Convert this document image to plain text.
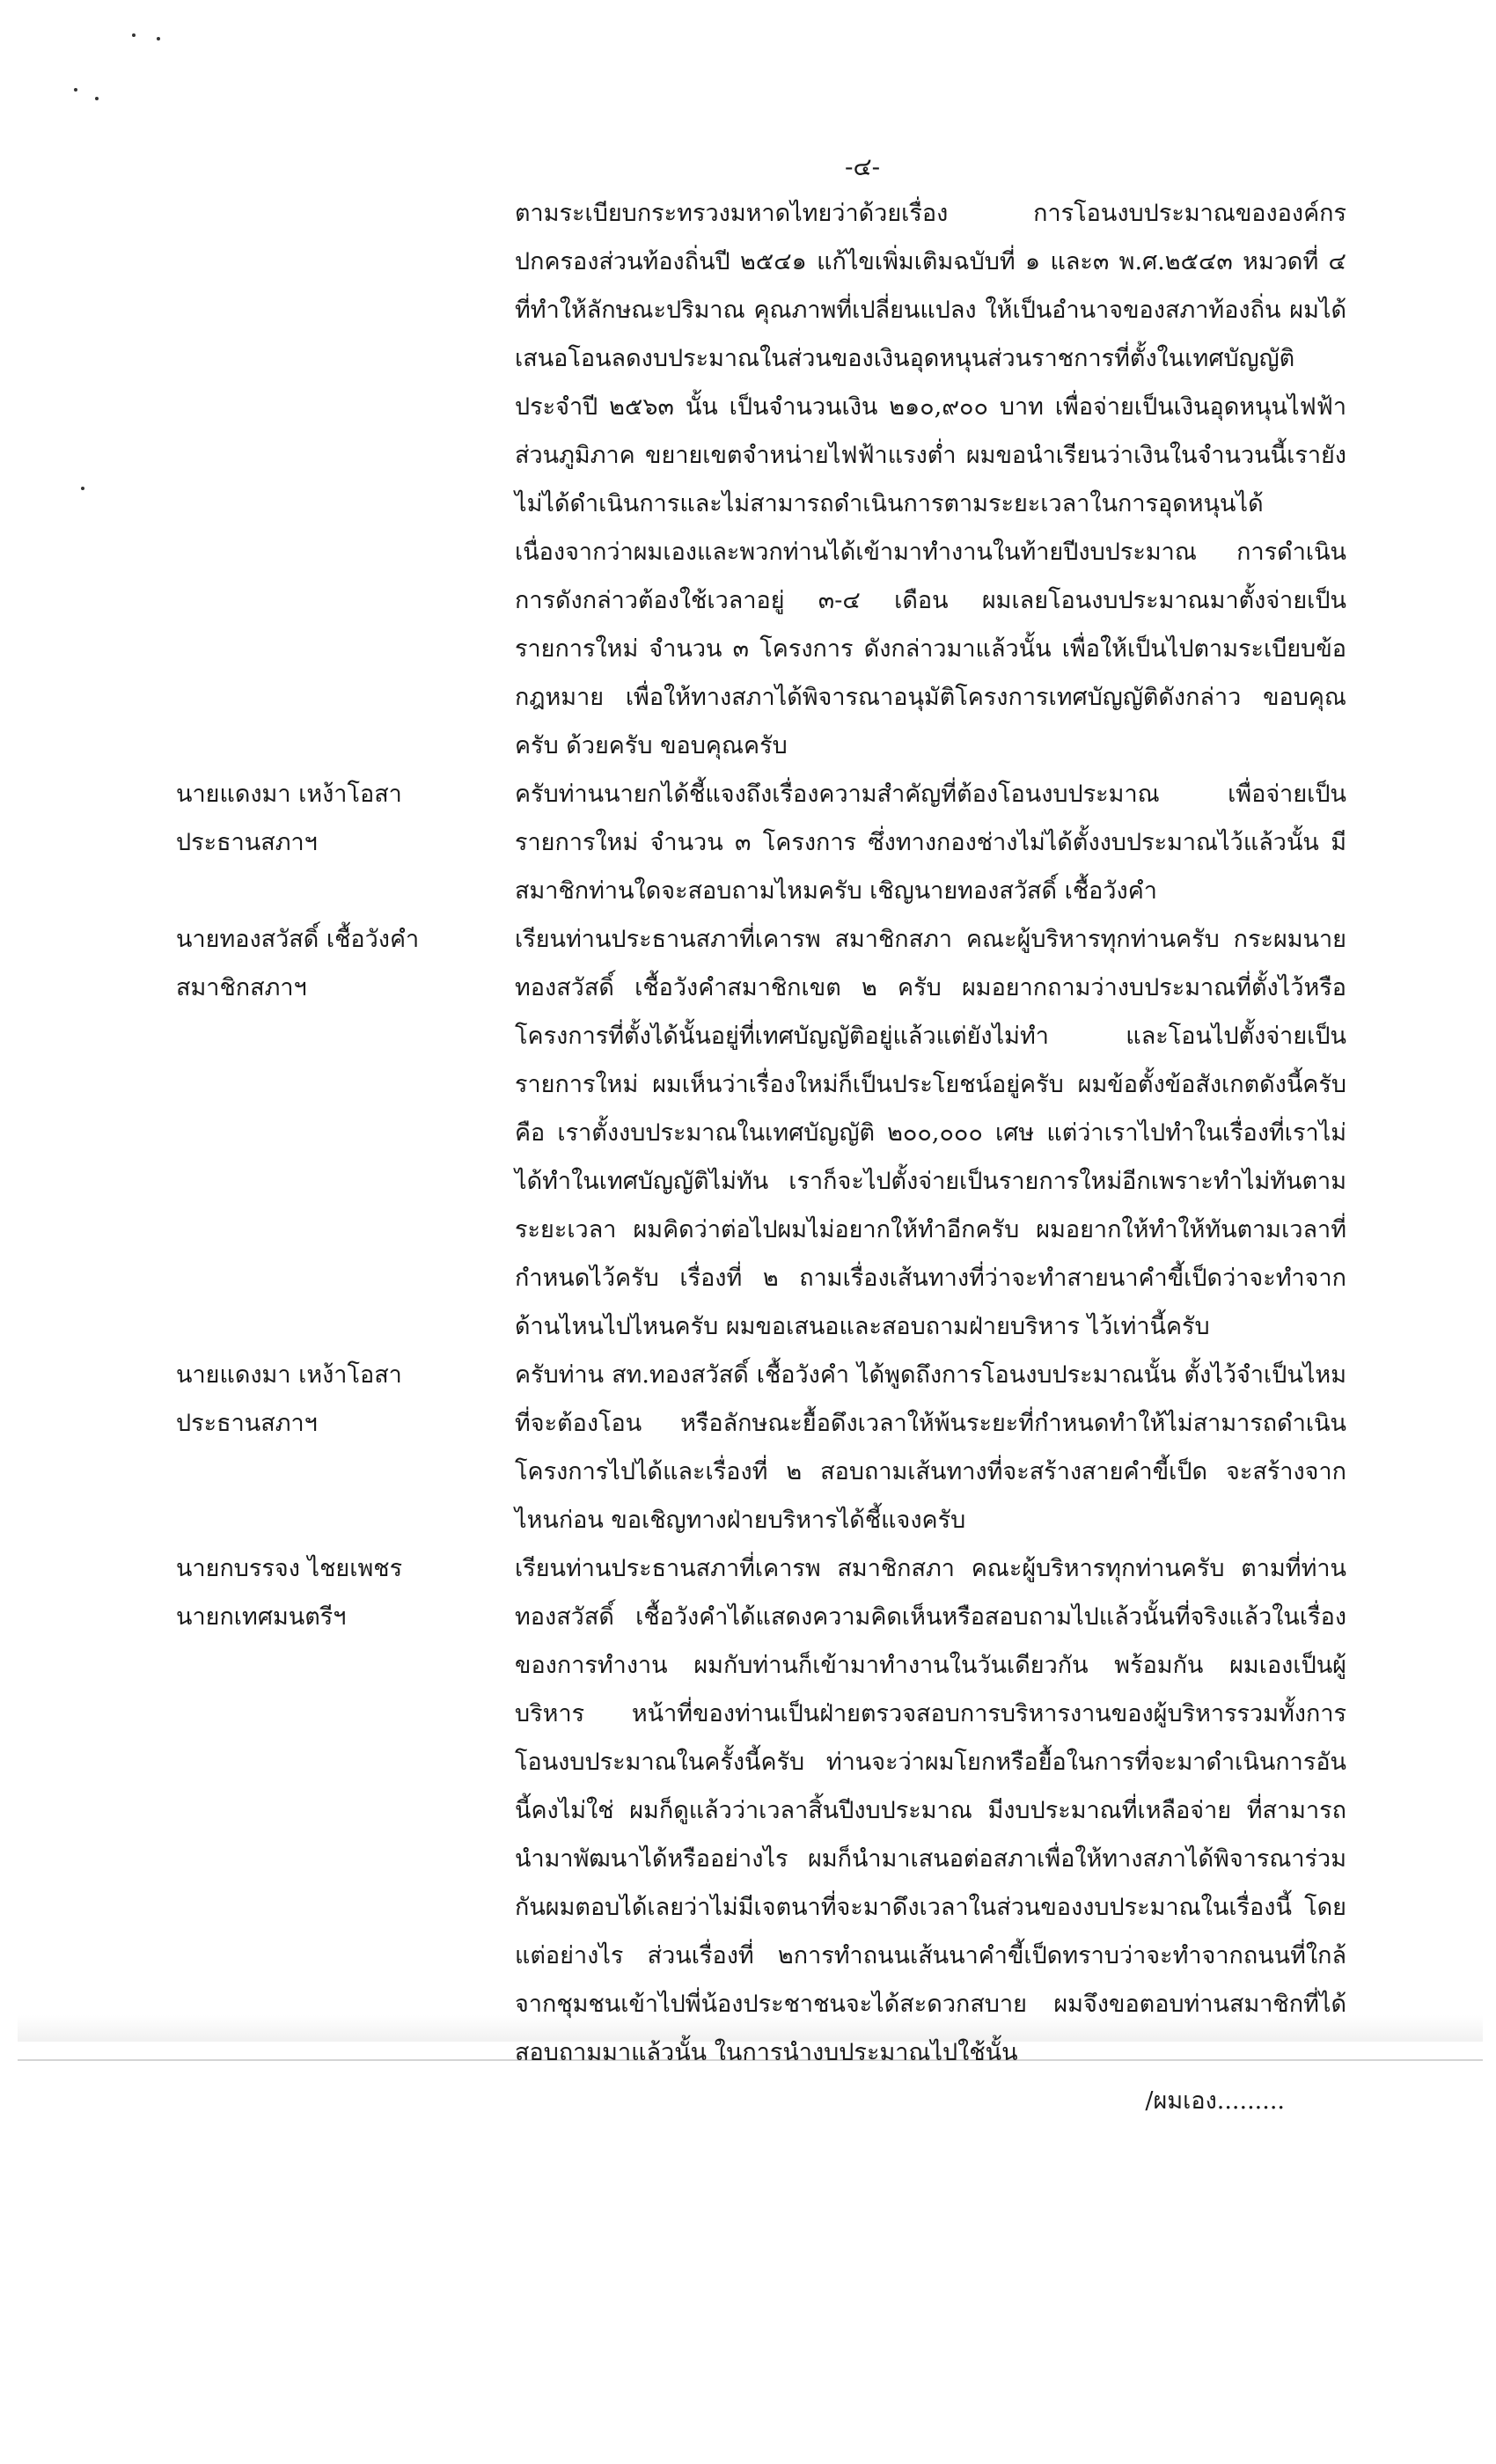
-๔-

ตามระเบียบกระทรวงมหาดไทยว่าด้วยเรื่อง การโอนงบประมาณขององค์กรปกครองส่วนท้องถิ่นปี ๒๕๔๑ แก้ไขเพิ่มเติมฉบับที่ ๑ และ๓ พ.ศ.๒๕๔๓ หมวดที่ ๔ ที่ทำให้ลักษณะปริมาณ คุณภาพที่เปลี่ยนแปลง ให้เป็นอำนาจของสภาท้องถิ่น ผมได้เสนอโอนลดงบประมาณในส่วนของเงินอุดหนุนส่วนราชการที่ตั้งในเทศบัญญัติประจำปี ๒๕๖๓ นั้น เป็นจำนวนเงิน ๒๑๐,๙๐๐ บาท เพื่อจ่ายเป็นเงินอุดหนุนไฟฟ้าส่วนภูมิภาค ขยายเขตจำหน่ายไฟฟ้าแรงต่ำ ผมขอนำเรียนว่าเงินในจำนวนนี้เรายังไม่ได้ดำเนินการและไม่สามารถดำเนินการตามระยะเวลาในการอุดหนุนได้ เนื่องจากว่าผมเองและพวกท่านได้เข้ามาทำงานในท้ายปีงบประมาณ การดำเนินการดังกล่าวต้องใช้เวลาอยู่ ๓-๔ เดือน ผมเลยโอนงบประมาณมาตั้งจ่ายเป็นรายการใหม่ จำนวน ๓ โครงการ ดังกล่าวมาแล้วนั้น เพื่อให้เป็นไปตามระเบียบข้อกฎหมาย เพื่อให้ทางสภาได้พิจารณาอนุมัติโครงการเทศบัญญัติดังกล่าว ขอบคุณครับ ด้วยครับ ขอบคุณครับ

นายแดงมา เหง้าโอสา
ประธานสภาฯ

ครับท่านนายกได้ชี้แจงถึงเรื่องความสำคัญที่ต้องโอนงบประมาณ เพื่อจ่ายเป็นรายการใหม่ จำนวน ๓ โครงการ ซึ่งทางกองช่างไม่ได้ตั้งงบประมาณไว้แล้วนั้น มีสมาชิกท่านใดจะสอบถามไหมครับ เชิญนายทองสวัสดิ์ เชื้อวังคำ

นายทองสวัสดิ์ เชื้อวังคำ
สมาชิกสภาฯ

เรียนท่านประธานสภาที่เคารพ สมาชิกสภา คณะผู้บริหารทุกท่านครับ กระผมนายทองสวัสดิ์ เชื้อวังคำสมาชิกเขต ๒ ครับ ผมอยากถามว่างบประมาณที่ตั้งไว้หรือโครงการที่ตั้งได้นั้นอยู่ที่เทศบัญญัติอยู่แล้วแต่ยังไม่ทำ และโอนไปตั้งจ่ายเป็นรายการใหม่ ผมเห็นว่าเรื่องใหม่ก็เป็นประโยชน์อยู่ครับ ผมข้อตั้งข้อสังเกตดังนี้ครับ คือ เราตั้งงบประมาณในเทศบัญญัติ ๒๐๐,๐๐๐ เศษ แต่ว่าเราไปทำในเรื่องที่เราไม่ได้ทำในเทศบัญญัติไม่ทัน เราก็จะไปตั้งจ่ายเป็นรายการใหม่อีกเพราะทำไม่ทันตามระยะเวลา ผมคิดว่าต่อไปผมไม่อยากให้ทำอีกครับ ผมอยากให้ทำให้ทันตามเวลาที่กำหนดไว้ครับ เรื่องที่ ๒ ถามเรื่องเส้นทางที่ว่าจะทำสายนาคำขี้เป็ดว่าจะทำจากด้านไหนไปไหนครับ ผมขอเสนอและสอบถามฝ่ายบริหาร ไว้เท่านี้ครับ

นายแดงมา เหง้าโอสา
ประธานสภาฯ

ครับท่าน สท.ทองสวัสดิ์ เชื้อวังคำ ได้พูดถึงการโอนงบประมาณนั้น ตั้งไว้จำเป็นไหมที่จะต้องโอน หรือลักษณะยื้อดึงเวลาให้พ้นระยะที่กำหนดทำให้ไม่สามารถดำเนินโครงการไปได้และเรื่องที่ ๒ สอบถามเส้นทางที่จะสร้างสายคำขี้เป็ด จะสร้างจากไหนก่อน ขอเชิญทางฝ่ายบริหารได้ชี้แจงครับ

นายกบรรจง ไชยเพชร
นายกเทศมนตรีฯ

เรียนท่านประธานสภาที่เคารพ สมาชิกสภา คณะผู้บริหารทุกท่านครับ ตามที่ท่านทองสวัสดิ์ เชื้อวังคำได้แสดงความคิดเห็นหรือสอบถามไปแล้วนั้นที่จริงแล้วในเรื่องของการทำงาน ผมกับท่านก็เข้ามาทำงานในวันเดียวกัน พร้อมกัน ผมเองเป็นผู้บริหาร หน้าที่ของท่านเป็นฝ่ายตรวจสอบการบริหารงานของผู้บริหารรวมทั้งการโอนงบประมาณในครั้งนี้ครับ ท่านจะว่าผมโยกหรือยื้อในการที่จะมาดำเนินการอันนี้คงไม่ใช่ ผมก็ดูแล้วว่าเวลาสิ้นปีงบประมาณ มีงบประมาณที่เหลือจ่าย ที่สามารถนำมาพัฒนาได้หรืออย่างไร ผมก็นำมาเสนอต่อสภาเพื่อให้ทางสภาได้พิจารณาร่วมกันผมตอบได้เลยว่าไม่มีเจตนาที่จะมาดึงเวลาในส่วนของงบประมาณในเรื่องนี้ โดยแต่อย่างไร ส่วนเรื่องที่ ๒การทำถนนเส้นนาคำขี้เป็ดทราบว่าจะทำจากถนนที่ใกล้จากชุมชนเข้าไปพี่น้องประชาชนจะได้สะดวกสบาย ผมจึงขอตอบท่านสมาชิกที่ได้สอบถามมาแล้วนั้น ในการนำงบประมาณไปใช้นั้น

/ผมเอง.........
